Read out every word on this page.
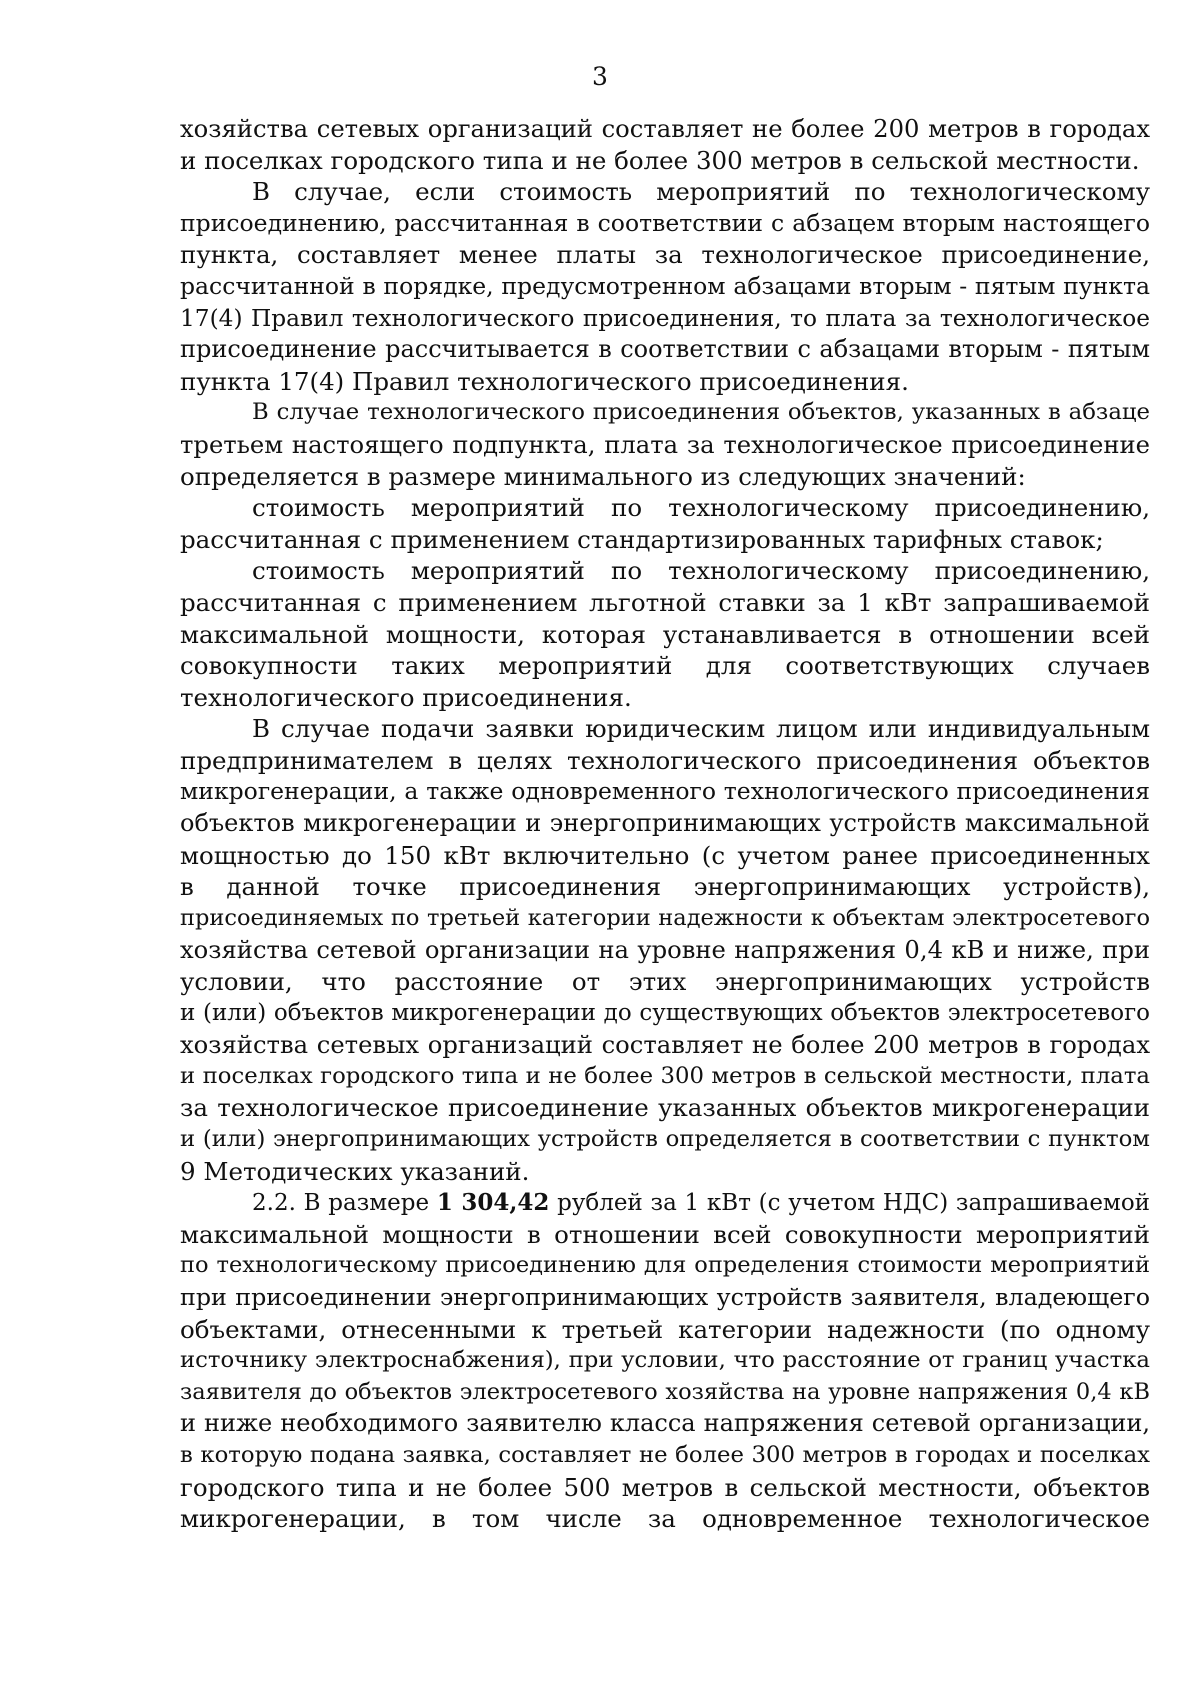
3
хозяйства сетевых организаций составляет не более 200 метров в городах
и поселках городского типа и не более 300 метров в сельской местности.
В случае, если стоимость мероприятий по технологическому
присоединению, рассчитанная в соответствии с абзацем вторым настоящего
пункта, составляет менее платы за технологическое присоединение,
рассчитанной в порядке, предусмотренном абзацами вторым - пятым пункта
17(4) Правил технологического присоединения, то плата за технологическое
присоединение рассчитывается в соответствии с абзацами вторым - пятым
пункта 17(4) Правил технологического присоединения.
В случае технологического присоединения объектов, указанных в абзаце
третьем настоящего подпункта, плата за технологическое присоединение
определяется в размере минимального из следующих значений:
стоимость мероприятий по технологическому присоединению,
рассчитанная с применением стандартизированных тарифных ставок;
стоимость мероприятий по технологическому присоединению,
рассчитанная с применением льготной ставки за 1 кВт запрашиваемой
максимальной мощности, которая устанавливается в отношении всей
совокупности таких мероприятий для соответствующих случаев
технологического присоединения.
В случае подачи заявки юридическим лицом или индивидуальным
предпринимателем в целях технологического присоединения объектов
микрогенерации, а также одновременного технологического присоединения
объектов микрогенерации и энергопринимающих устройств максимальной
мощностью до 150 кВт включительно (с учетом ранее присоединенных
в данной точке присоединения энергопринимающих устройств),
присоединяемых по третьей категории надежности к объектам электросетевого
хозяйства сетевой организации на уровне напряжения 0,4 кВ и ниже, при
условии, что расстояние от этих энергопринимающих устройств
и (или) объектов микрогенерации до существующих объектов электросетевого
хозяйства сетевых организаций составляет не более 200 метров в городах
и поселках городского типа и не более 300 метров в сельской местности, плата
за технологическое присоединение указанных объектов микрогенерации
и (или) энергопринимающих устройств определяется в соответствии с пунктом
9 Методических указаний.
2.2. В размере 1 304,42 рублей за 1 кВт (с учетом НДС) запрашиваемой
максимальной мощности в отношении всей совокупности мероприятий
по технологическому присоединению для определения стоимости мероприятий
при присоединении энергопринимающих устройств заявителя, владеющего
объектами, отнесенными к третьей категории надежности (по одному
источнику электроснабжения), при условии, что расстояние от границ участка
заявителя до объектов электросетевого хозяйства на уровне напряжения 0,4 кВ
и ниже необходимого заявителю класса напряжения сетевой организации,
в которую подана заявка, составляет не более 300 метров в городах и поселках
городского типа и не более 500 метров в сельской местности, объектов
микрогенерации, в том числе за одновременное технологическое
